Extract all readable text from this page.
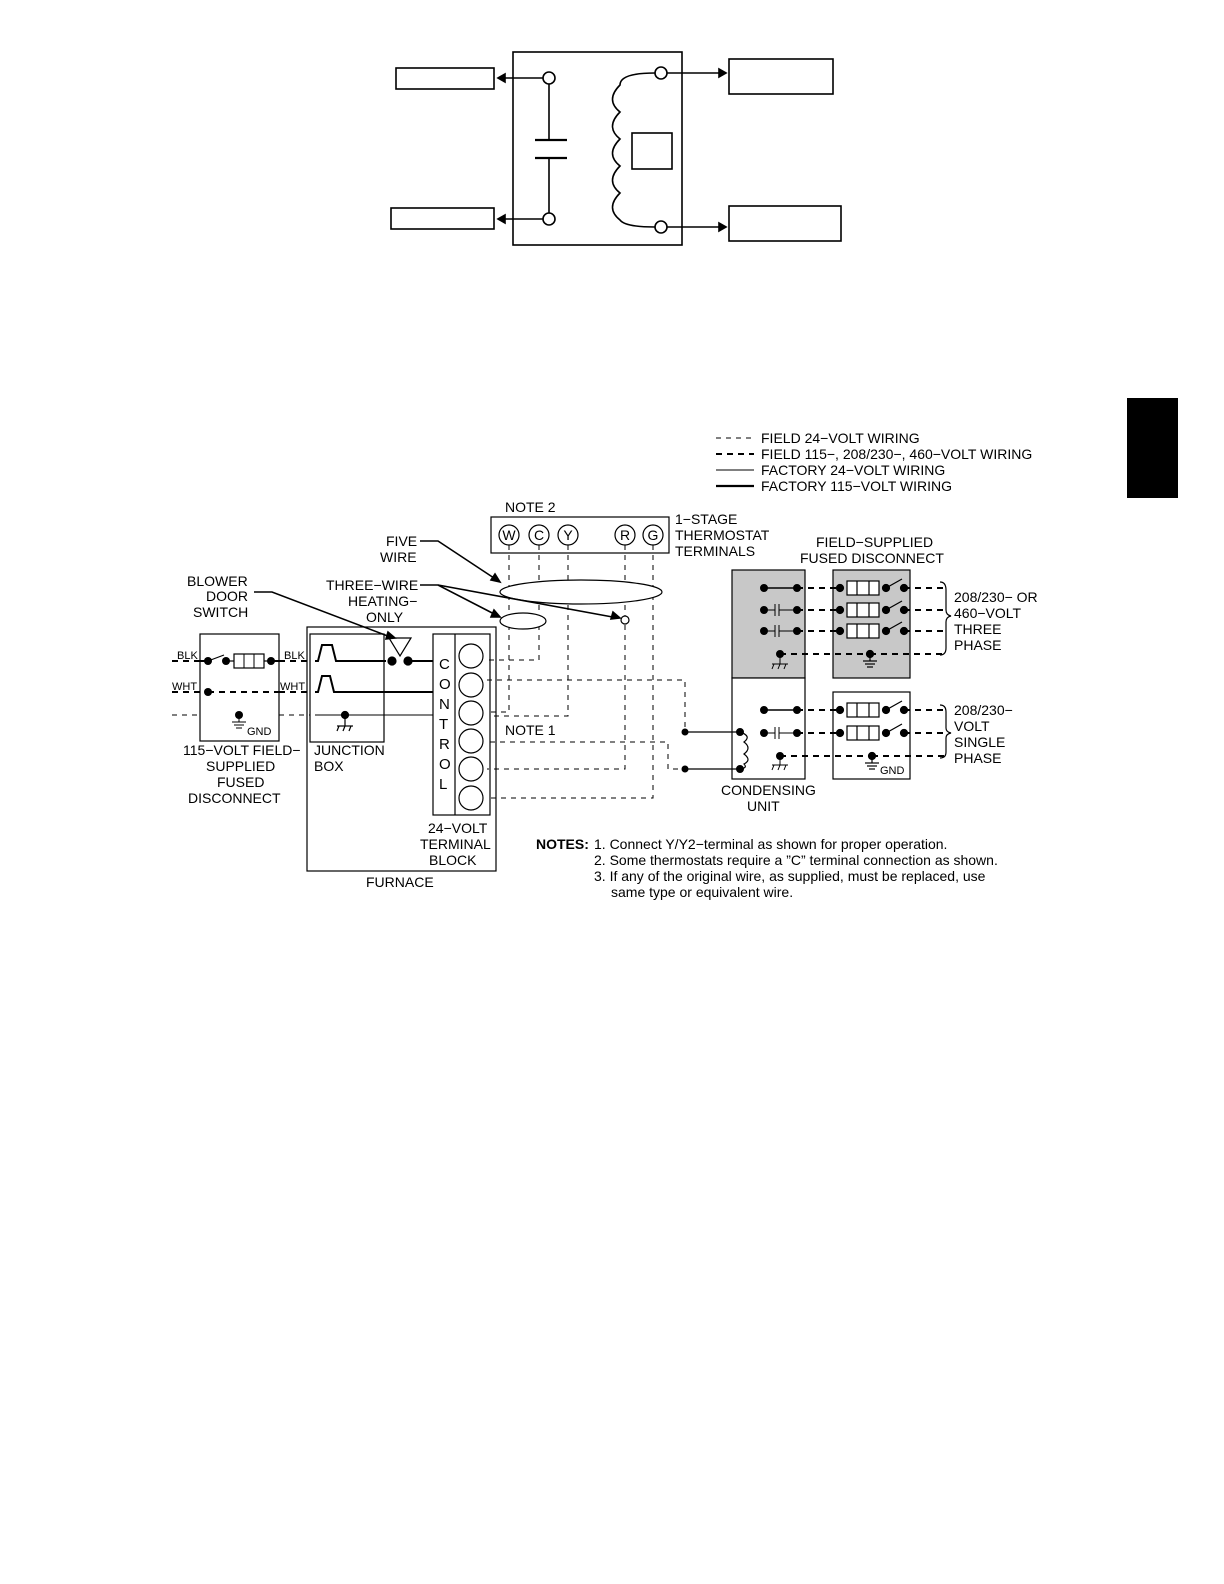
FIELD 24−VOLT WIRING
FIELD 115−, 208/230−, 460−VOLT WIRING
FACTORY 24−VOLT WIRING
FACTORY 115−VOLT WIRING
NOTE 2
W C Y	R G
1−STAGE
THERMOSTAT
TERMINALS
FIVE
WIRE
THREE−WIRE
HEATING−
ONLY
BLOWER
DOOR
SWITCH
BLK	BLK
WHT	WHT
GND
115−VOLT FIELD−
SUPPLIED
FUSED
DISCONNECT
C
O
N
T
R
O
L
JUNCTION
BOX
24−VOLT
TERMINAL
BLOCK
FURNACE
NOTE 1
CONDENSING
UNIT
FIELD−SUPPLIED
FUSED DISCONNECT
208/230− OR
460−VOLT
THREE
PHASE
GND
208/230−
VOLT
SINGLE
PHASE
NOTES: 1. Connect Y/Y2−terminal as shown for proper operation.
2. Some thermostats require a ”C” terminal connection as shown.
3. If any of the original wire, as supplied, must be replaced, use
same type or equivalent wire.
